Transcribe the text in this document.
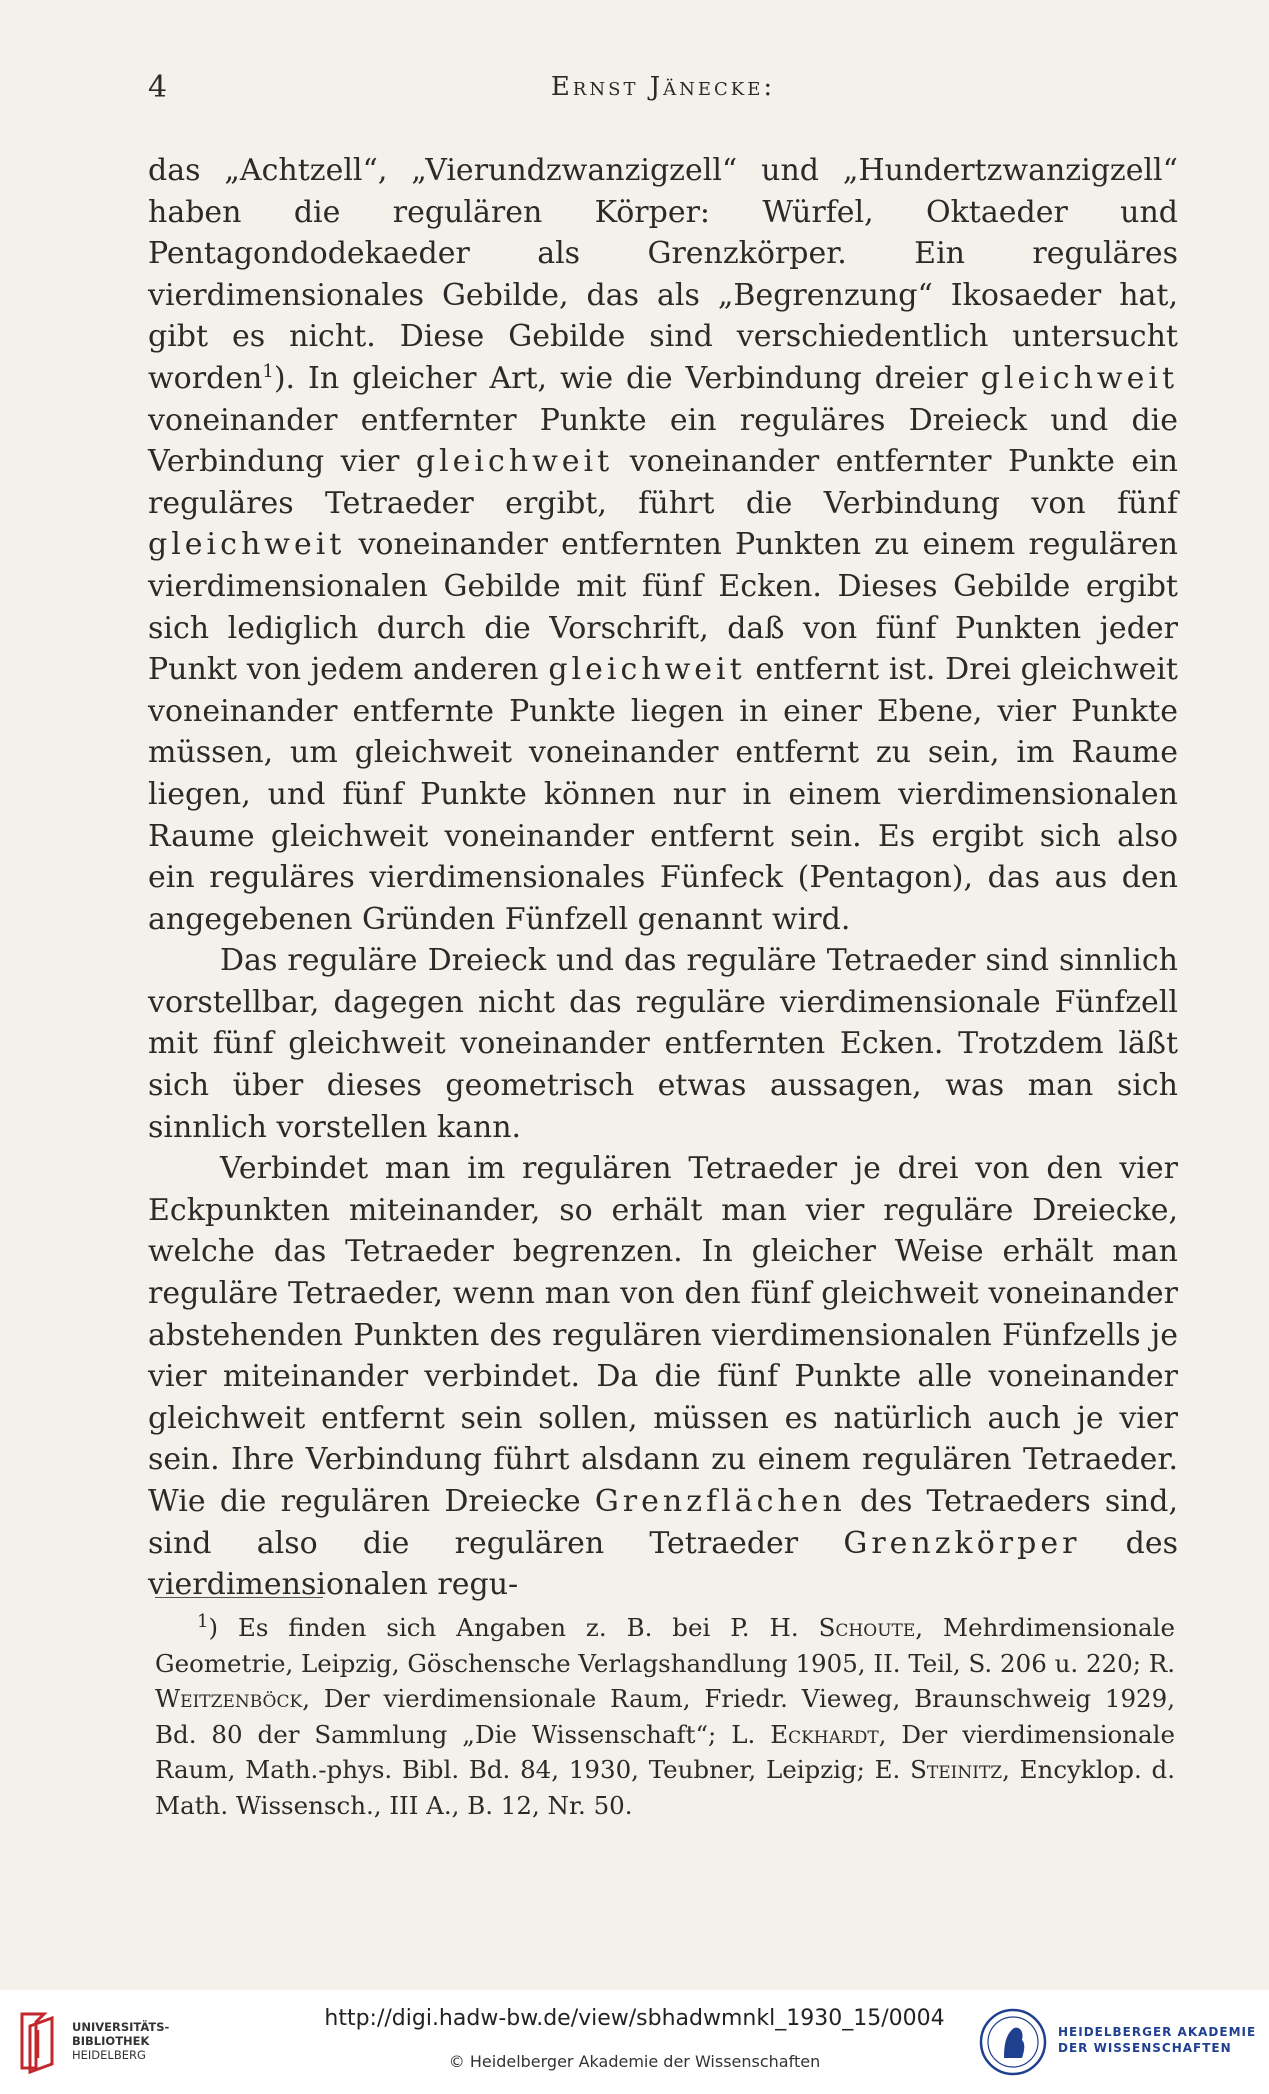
4	Ernst Jänecke:

das „Achtzell“, „Vierundzwanzigzell“ und „Hundertzwanzigzell“ haben die regulären Körper: Würfel, Oktaeder und Pentagondodekaeder als Grenzkörper. Ein reguläres vierdimensionales Gebilde, das als „Begrenzung“ Ikosaeder hat, gibt es nicht. Diese Gebilde sind verschiedentlich untersucht worden$^1$). In gleicher Art, wie die Verbindung dreier gleichweit voneinander entfernter Punkte ein reguläres Dreieck und die Verbindung vier gleichweit voneinander entfernter Punkte ein reguläres Tetraeder ergibt, führt die Verbindung von fünf gleichweit voneinander entfernten Punkten zu einem regulären vierdimensionalen Gebilde mit fünf Ecken. Dieses Gebilde ergibt sich lediglich durch die Vorschrift, daß von fünf Punkten jeder Punkt von jedem anderen gleichweit entfernt ist. Drei gleichweit voneinander entfernte Punkte liegen in einer Ebene, vier Punkte müssen, um gleichweit voneinander entfernt zu sein, im Raume liegen, und fünf Punkte können nur in einem vierdimensionalen Raume gleichweit voneinander entfernt sein. Es ergibt sich also ein reguläres vierdimensionales Fünfeck (Pentagon), das aus den angegebenen Gründen Fünfzell genannt wird.

Das reguläre Dreieck und das reguläre Tetraeder sind sinnlich vorstellbar, dagegen nicht das reguläre vierdimensionale Fünfzell mit fünf gleichweit voneinander entfernten Ecken. Trotzdem läßt sich über dieses geometrisch etwas aussagen, was man sich sinnlich vorstellen kann.

Verbindet man im regulären Tetraeder je drei von den vier Eckpunkten miteinander, so erhält man vier reguläre Dreiecke, welche das Tetraeder begrenzen. In gleicher Weise erhält man reguläre Tetraeder, wenn man von den fünf gleichweit voneinander abstehenden Punkten des regulären vierdimensionalen Fünfzells je vier miteinander verbindet. Da die fünf Punkte alle voneinander gleichweit entfernt sein sollen, müssen es natürlich auch je vier sein. Ihre Verbindung führt alsdann zu einem regulären Tetraeder. Wie die regulären Dreiecke Grenzflächen des Tetraeders sind, sind also die regulären Tetraeder Grenzkörper des vierdimensionalen regu-

$^1$) Es finden sich Angaben z. B. bei P. H. Schoute, Mehrdimensionale Geometrie, Leipzig, Göschensche Verlagshandlung 1905, II. Teil, S. 206 u. 220; R. Weitzenböck, Der vierdimensionale Raum, Friedr. Vieweg, Braunschweig 1929, Bd. 80 der Sammlung „Die Wissenschaft“; L. Eckhardt, Der vierdimensionale Raum, Math.-phys. Bibl. Bd. 84, 1930, Teubner, Leipzig; E. Steinitz, Encyklop. d. Math. Wissensch., III A., B. 12, Nr. 50.

UNIVERSITÄTS-
BIBLIOTHEK
HEIDELBERG
http://digi.hadw-bw.de/view/sbhadwmnkl_1930_15/0004
© Heidelberger Akademie der Wissenschaften
HEIDELBERGER AKADEMIE
DER WISSENSCHAFTEN
